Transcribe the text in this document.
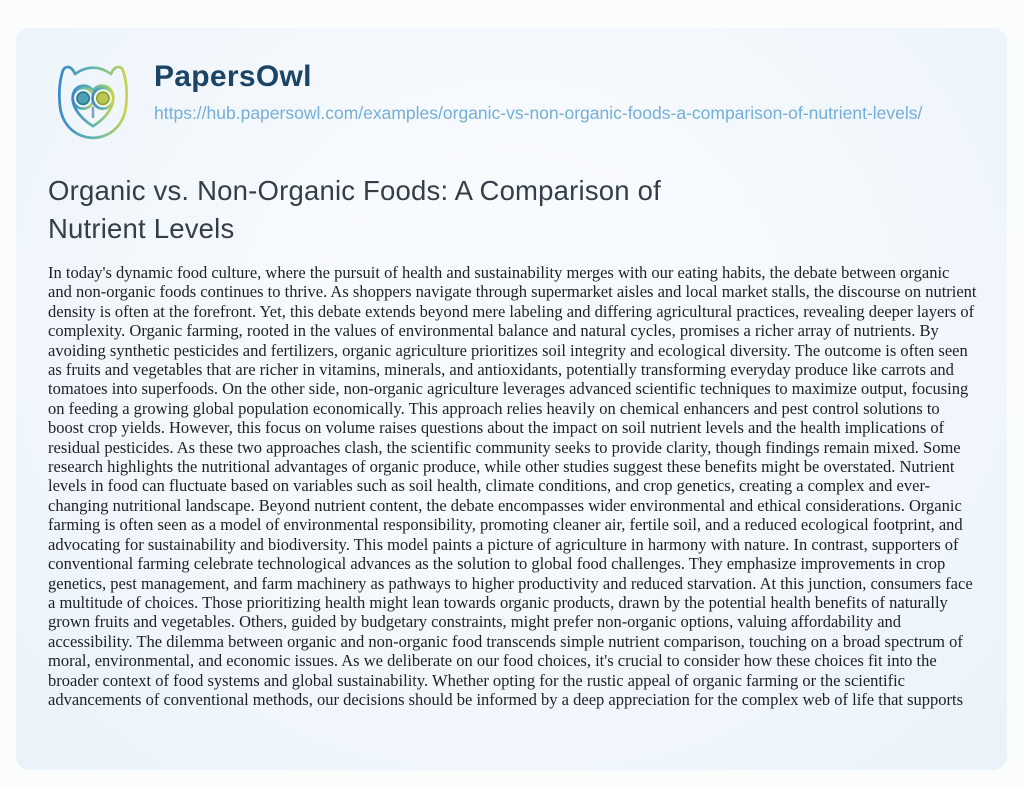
PapersOwl
https://hub.papersowl.com/examples/organic-vs-non-organic-foods-a-comparison-of-nutrient-levels/
Organic vs. Non-Organic Foods: A Comparison of Nutrient Levels

In today's dynamic food culture, where the pursuit of health and sustainability merges with our eating habits, the debate between organic and non-organic foods continues to thrive. As shoppers navigate through supermarket aisles and local market stalls, the discourse on nutrient density is often at the forefront. Yet, this debate extends beyond mere labeling and differing agricultural practices, revealing deeper layers of complexity. Organic farming, rooted in the values of environmental balance and natural cycles, promises a richer array of nutrients. By avoiding synthetic pesticides and fertilizers, organic agriculture prioritizes soil integrity and ecological diversity. The outcome is often seen as fruits and vegetables that are richer in vitamins, minerals, and antioxidants, potentially transforming everyday produce like carrots and tomatoes into superfoods. On the other side, non-organic agriculture leverages advanced scientific techniques to maximize output, focusing on feeding a growing global population economically. This approach relies heavily on chemical enhancers and pest control solutions to boost crop yields. However, this focus on volume raises questions about the impact on soil nutrient levels and the health implications of residual pesticides. As these two approaches clash, the scientific community seeks to provide clarity, though findings remain mixed. Some research highlights the nutritional advantages of organic produce, while other studies suggest these benefits might be overstated. Nutrient levels in food can fluctuate based on variables such as soil health, climate conditions, and crop genetics, creating a complex and ever-changing nutritional landscape. Beyond nutrient content, the debate encompasses wider environmental and ethical considerations. Organic farming is often seen as a model of environmental responsibility, promoting cleaner air, fertile soil, and a reduced ecological footprint, and advocating for sustainability and biodiversity. This model paints a picture of agriculture in harmony with nature. In contrast, supporters of conventional farming celebrate technological advances as the solution to global food challenges. They emphasize improvements in crop genetics, pest management, and farm machinery as pathways to higher productivity and reduced starvation. At this junction, consumers face a multitude of choices. Those prioritizing health might lean towards organic products, drawn by the potential health benefits of naturally grown fruits and vegetables. Others, guided by budgetary constraints, might prefer non-organic options, valuing affordability and accessibility. The dilemma between organic and non-organic food transcends simple nutrient comparison, touching on a broad spectrum of moral, environmental, and economic issues. As we deliberate on our food choices, it's crucial to consider how these choices fit into the broader context of food systems and global sustainability. Whether opting for the rustic appeal of organic farming or the scientific advancements of conventional methods, our decisions should be informed by a deep appreciation for the complex web of life that supports
